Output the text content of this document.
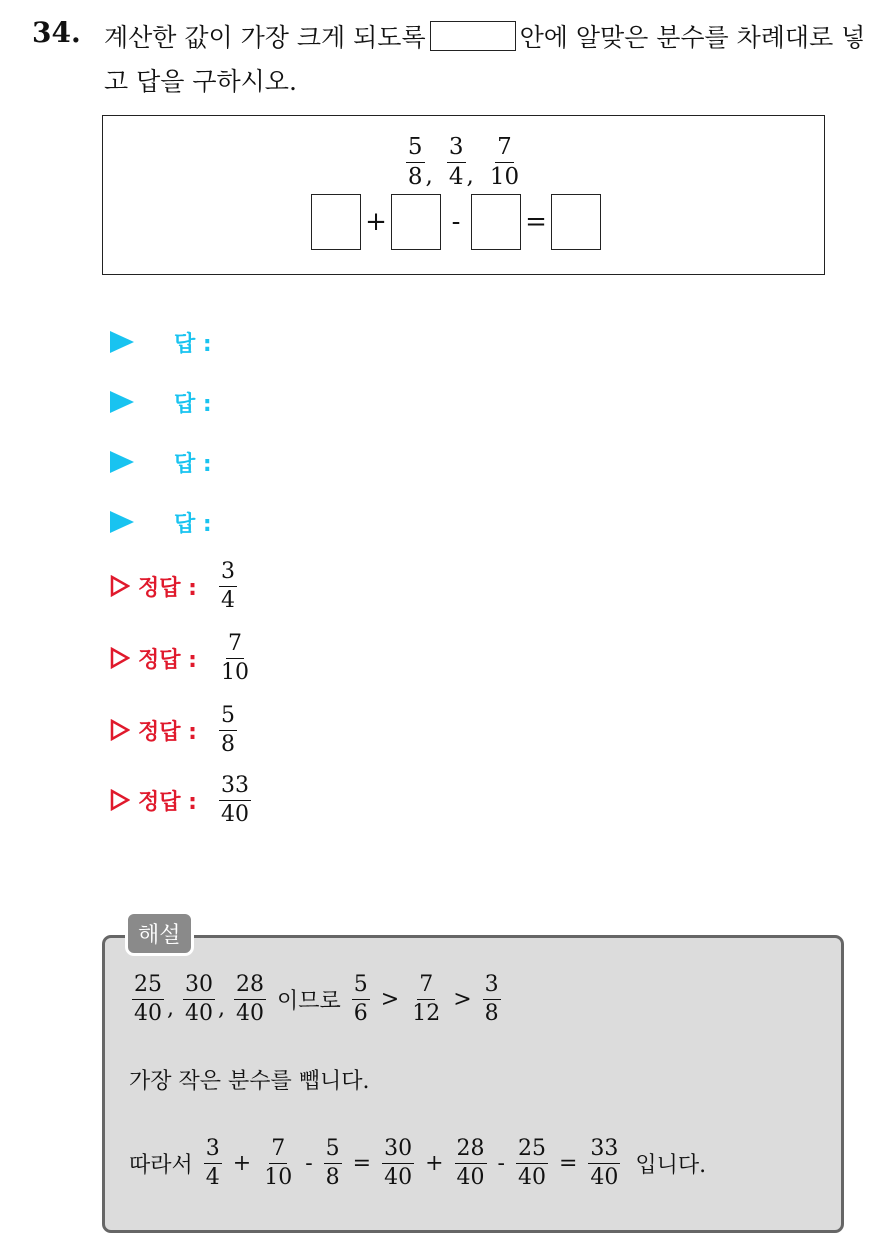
34. 계산한 값이 가장 크게 되도록	안에 알맞은 분수를 차례대로 넣고 답을 구하시오.
$\frac{5}{8}$ , $\frac{3}{4}$ , $\frac{7}{10}$
+	-	=
답 :
답 :
답 :
답 :
정답 : $\frac{3}{4}$
정답 : $\frac{7}{10}$
정답 : $\frac{5}{8}$
정답 : $\frac{33}{40}$
$\frac{25}{40}$ , $\frac{30}{40}$ , $\frac{28}{40}$ 이므로 $\frac{5}{6} > \frac{7}{12} > \frac{3}{8}$
가장 작은 분수를 뺍니다.
따라서 $\frac{3}{4} + \frac{7}{10} - \frac{5}{8} = \frac{30}{40} + \frac{28}{40} - \frac{25}{40} = \frac{33}{40}$ 입니다.
해설
